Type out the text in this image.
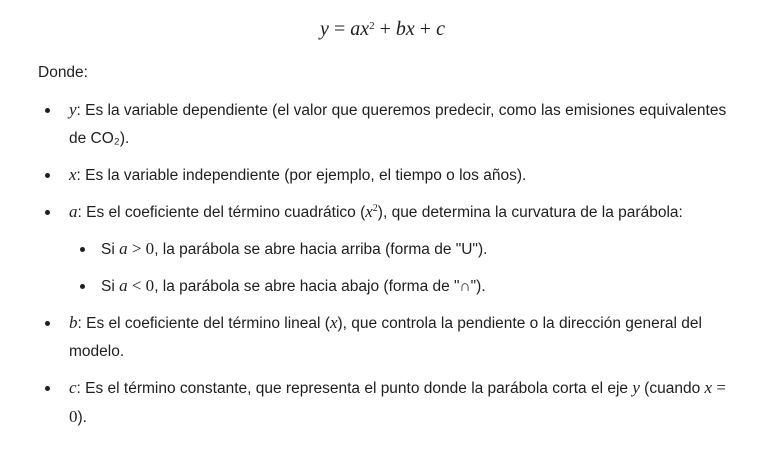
$y = ax^2$ + bx + c
Donde:
y: Es la variable dependiente (el valor que queremos predecir, como las emisiones equivalentes de CO₂).
x: Es la variable independiente (por ejemplo, el tiempo o los años).
a: Es el coeficiente del término cuadrático $(x^2)$, que determina la curvatura de la parábola:
Si a > 0, la parábola se abre hacia arriba (forma de "U").
Si a < 0, la parábola se abre hacia abajo (forma de "∩").
b: Es el coeficiente del término lineal (x), que controla la pendiente o la dirección general del modelo.
c: Es el término constante, que representa el punto donde la parábola corta el eje y (cuando x = 0).
